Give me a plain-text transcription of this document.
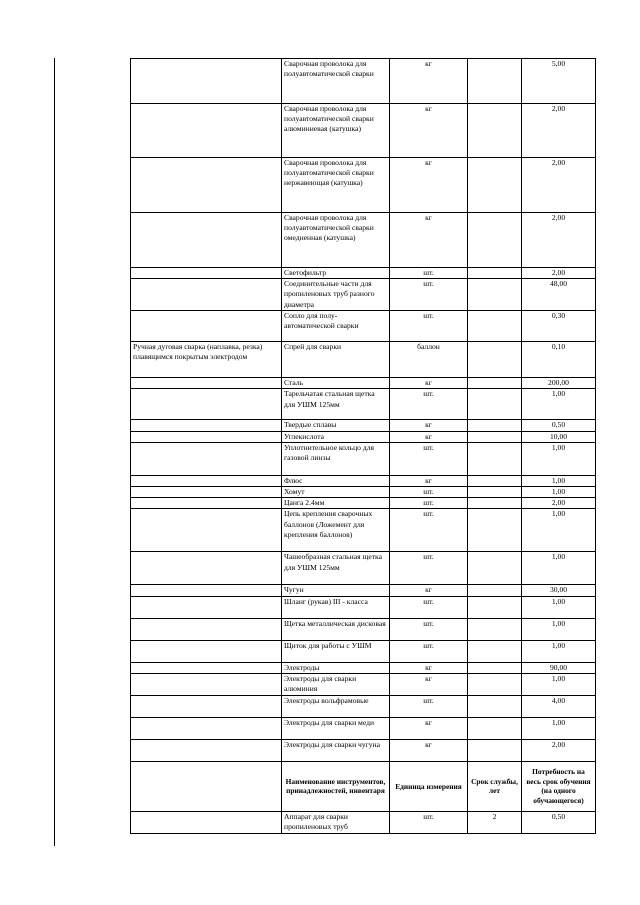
	Сварочная проволока для полуавтоматической сварки	кг		5,00
	Сварочная проволока для полуавтоматической сварки алюминиевая (катушка)	кг		2,00
	Сварочная проволока для полуавтоматической сварки нержавеющая (катушка)	кг		2,00
	Сварочная проволока для полуавтоматической сварки омедненная (катушка)	кг		2,00
	Светофильтр	шт.		2,00
	Соединительные части для пропиленовых труб разного диаметра	шт.		48,00
	Сопло для полу-автоматической сварки	шт.		0,30
Ручная дуговая сварка (наплавка, резка) плавящимся покрытым электродом	Спрей для сварки	баллон		0,10
	Сталь	кг		200,00
	Тарельчатая стальная щетка для УШМ 125мм	шт.		1,00
	Твердые сплавы	кг		0,50
	Углекислота	кг		10,00
	Уплотнительное кольцо для газовой линзы	шт.		1,00
	Флюс	кг		1,00
	Хомут	шт.		1,00
	Цанга 2.4мм	шт.		2,00
	Цепь крепления сварочных баллонов (Ложемент для крепления баллонов)	шт.		1,00
	Чашеобразная стальная щетка для УШМ 125мм	шт.		1,00
	Чугун	кг		30,00
	Шланг (рукав) III - класса	шт.		1,00
	Щетка металлическая дисковая	шт.		1,00
	Щиток для работы с УШМ	шт.		1,00
	Электроды	кг		90,00
	Электроды для сварки алюминия	кг		1,00
	Электроды вольфрамовые	шт.		4,00
	Электроды для сварки меди	кг		1,00
	Электроды для сварки чугуна	кг		2,00
	Наименование инструментов, принадлежностей, инвентаря	Единица измерения	Срок службы, лет	Потребность на весь срок обучения (на одного обучающегося)
	Аппарат для сварки пропиленовых труб	шт.	2	0,50
